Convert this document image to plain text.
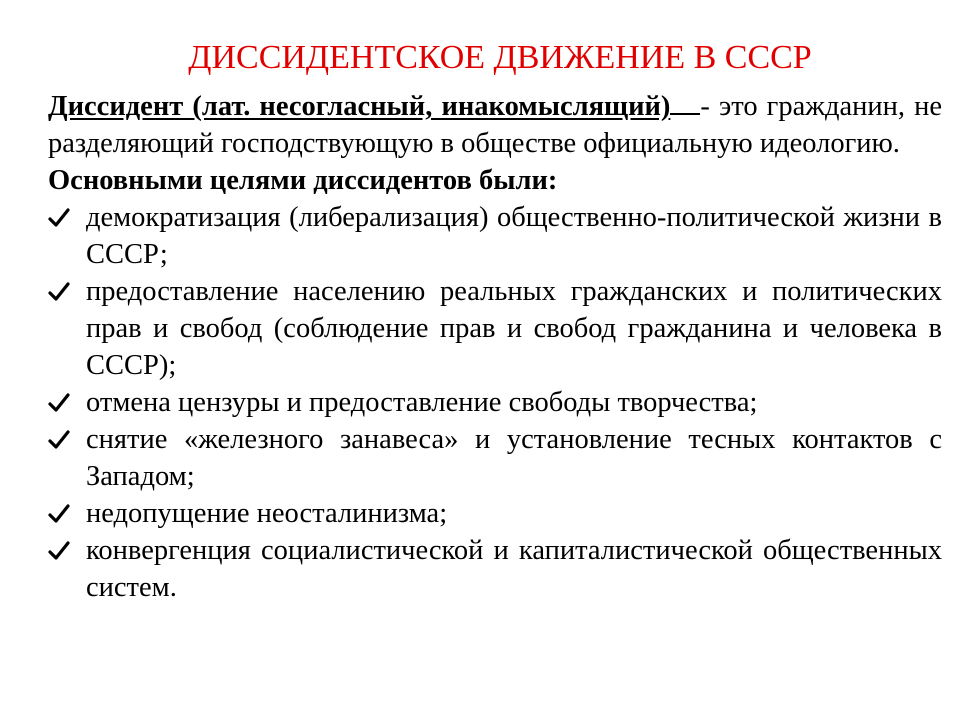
ДИССИДЕНТСКОЕ ДВИЖЕНИЕ В СССР

Диссидент (лат. несогласный, инакомыслящий) - это гражданин, не разделяющий господствующую в обществе официальную идеологию.

Основными целями диссидентов были:

демократизация (либерализация) общественно-политической жизни в СССР;
предоставление населению реальных гражданских и политических прав и свобод (соблюдение прав и свобод гражданина и человека в СССР);
отмена цензуры и предоставление свободы творчества;
снятие «железного занавеса» и установление тесных контактов с Западом;
недопущение неосталинизма;
конвергенция социалистической и капиталистической общественных систем.
